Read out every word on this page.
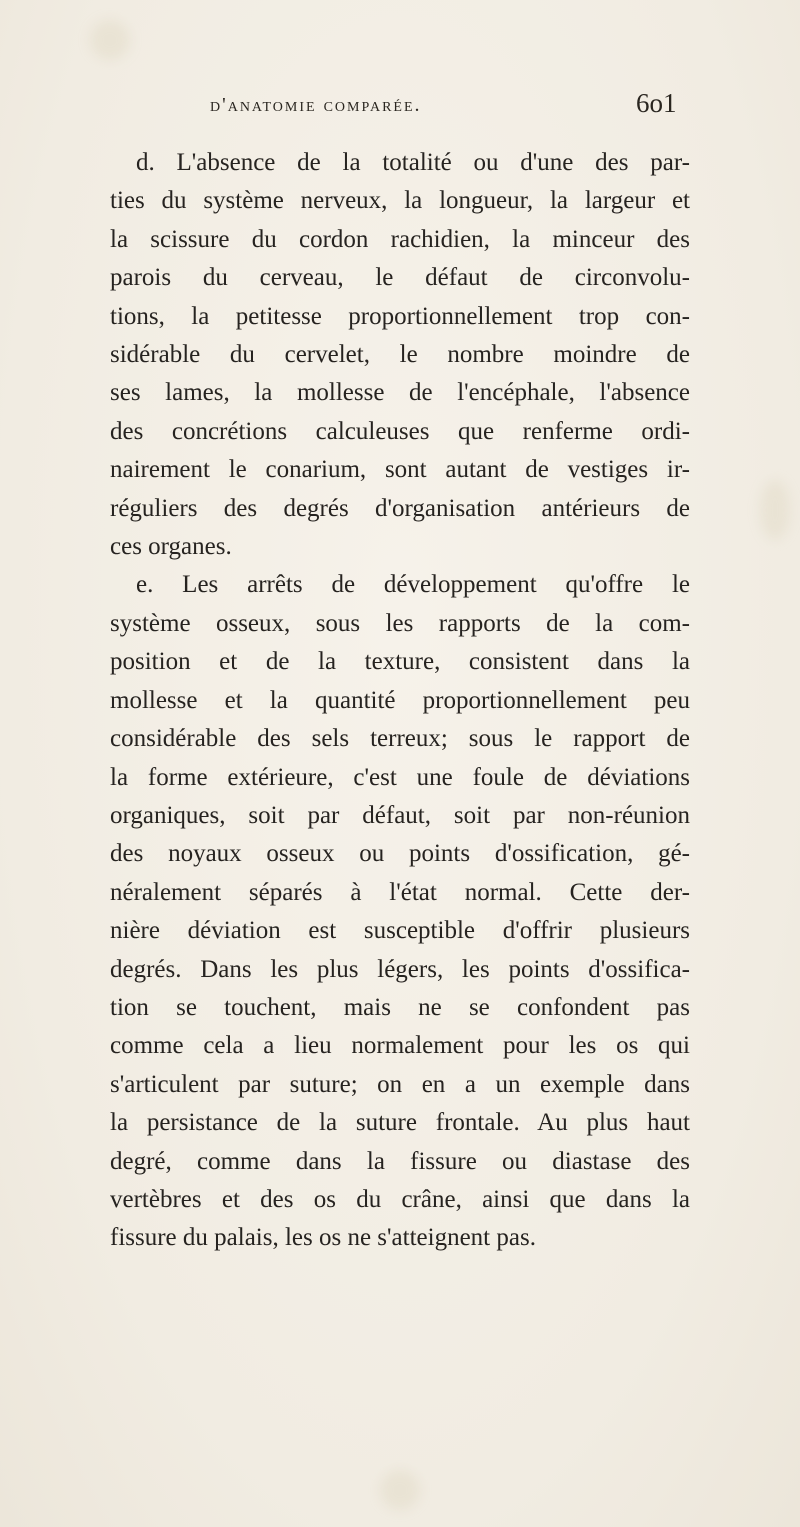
d'anatomie comparée.	6o1
d. L'absence de la totalité ou d'une des par-
ties du système nerveux, la longueur, la largeur et
la scissure du cordon rachidien, la minceur des
parois du cerveau, le défaut de circonvolu-
tions, la petitesse proportionnellement trop con-
sidérable du cervelet, le nombre moindre de
ses lames, la mollesse de l'encéphale, l'absence
des concrétions calculeuses que renferme ordi-
nairement le conarium, sont autant de vestiges ir-
réguliers des degrés d'organisation antérieurs de
ces organes.
e. Les arrêts de développement qu'offre le
système osseux, sous les rapports de la com-
position et de la texture, consistent dans la
mollesse et la quantité proportionnellement peu
considérable des sels terreux; sous le rapport de
la forme extérieure, c'est une foule de déviations
organiques, soit par défaut, soit par non-réunion
des noyaux osseux ou points d'ossification, gé-
néralement séparés à l'état normal. Cette der-
nière déviation est susceptible d'offrir plusieurs
degrés. Dans les plus légers, les points d'ossifica-
tion se touchent, mais ne se confondent pas
comme cela a lieu normalement pour les os qui
s'articulent par suture; on en a un exemple dans
la persistance de la suture frontale. Au plus haut
degré, comme dans la fissure ou diastase des
vertèbres et des os du crâne, ainsi que dans la
fissure du palais, les os ne s'atteignent pas.
